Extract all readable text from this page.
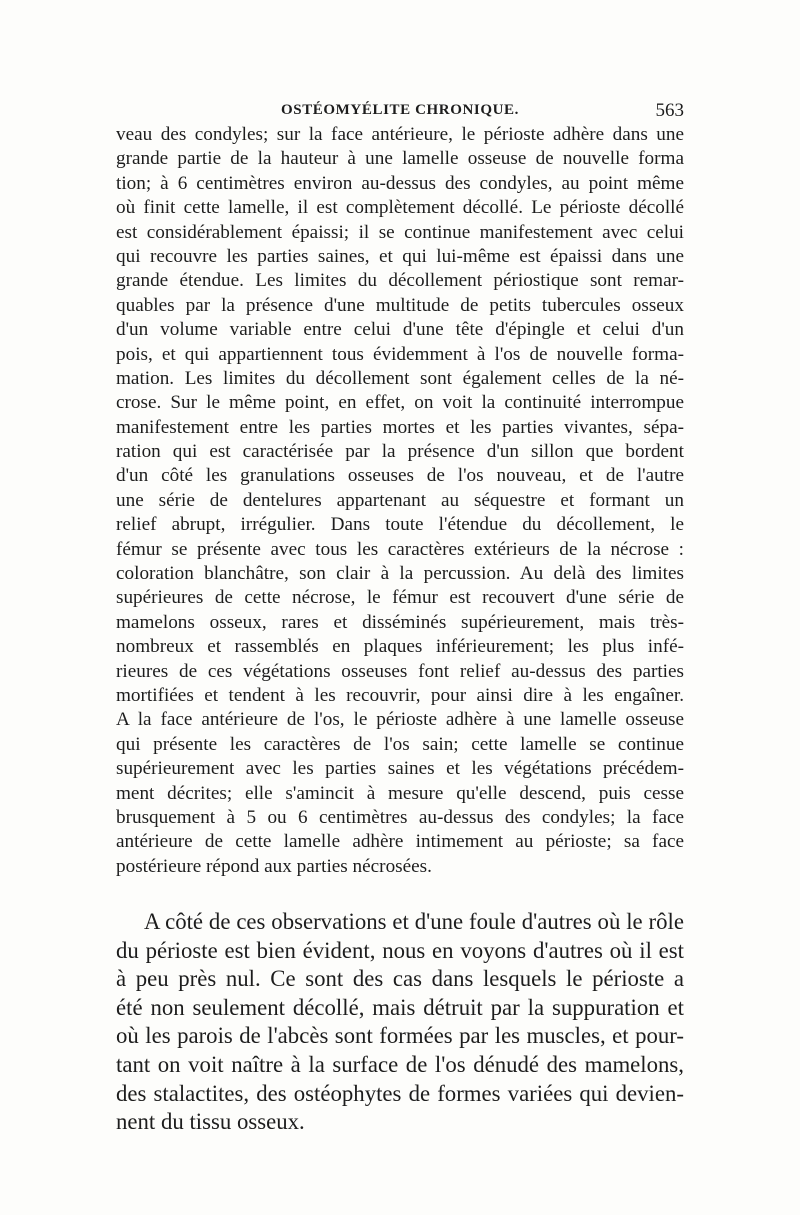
OSTÉOMYÉLITE CHRONIQUE.	563
veau des condyles; sur la face antérieure, le périoste adhère dans une
grande partie de la hauteur à une lamelle osseuse de nouvelle forma
tion; à 6 centimètres environ au-dessus des condyles, au point même
où finit cette lamelle, il est complètement décollé. Le périoste décollé
est considérablement épaissi; il se continue manifestement avec celui
qui recouvre les parties saines, et qui lui-même est épaissi dans une
grande étendue. Les limites du décollement périostique sont remar-
quables par la présence d'une multitude de petits tubercules osseux
d'un volume variable entre celui d'une tête d'épingle et celui d'un
pois, et qui appartiennent tous évidemment à l'os de nouvelle forma-
mation. Les limites du décollement sont également celles de la né-
crose. Sur le même point, en effet, on voit la continuité interrompue
manifestement entre les parties mortes et les parties vivantes, sépa-
ration qui est caractérisée par la présence d'un sillon que bordent
d'un côté les granulations osseuses de l'os nouveau, et de l'autre
une série de dentelures appartenant au séquestre et formant un
relief abrupt, irrégulier. Dans toute l'étendue du décollement, le
fémur se présente avec tous les caractères extérieurs de la nécrose :
coloration blanchâtre, son clair à la percussion. Au delà des limites
supérieures de cette nécrose, le fémur est recouvert d'une série de
mamelons osseux, rares et disséminés supérieurement, mais très-
nombreux et rassemblés en plaques inférieurement; les plus infé-
rieures de ces végétations osseuses font relief au-dessus des parties
mortifiées et tendent à les recouvrir, pour ainsi dire à les engaîner.
A la face antérieure de l'os, le périoste adhère à une lamelle osseuse
qui présente les caractères de l'os sain; cette lamelle se continue
supérieurement avec les parties saines et les végétations précédem-
ment décrites; elle s'amincit à mesure qu'elle descend, puis cesse
brusquement à 5 ou 6 centimètres au-dessus des condyles; la face
antérieure de cette lamelle adhère intimement au périoste; sa face
postérieure répond aux parties nécrosées.
A côté de ces observations et d'une foule d'autres où le rôle
du périoste est bien évident, nous en voyons d'autres où il est
à peu près nul. Ce sont des cas dans lesquels le périoste a
été non seulement décollé, mais détruit par la suppuration et
où les parois de l'abcès sont formées par les muscles, et pour-
tant on voit naître à la surface de l'os dénudé des mamelons,
des stalactites, des ostéophytes de formes variées qui devien-
nent du tissu osseux.
